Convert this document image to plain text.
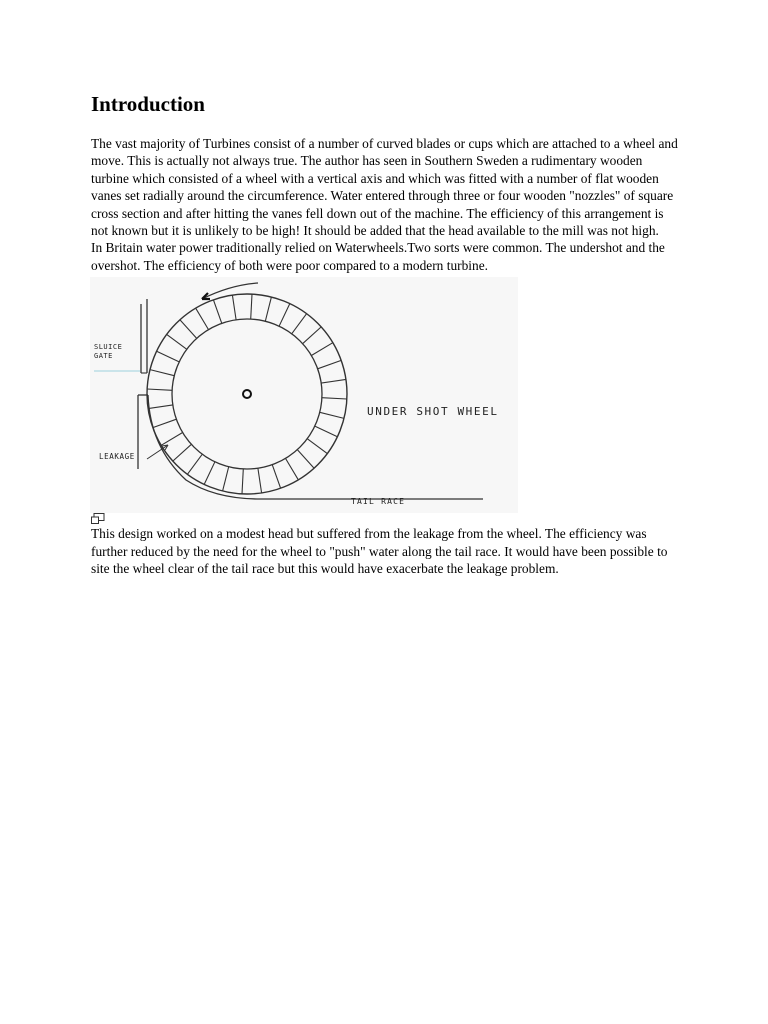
Introduction

The vast majority of Turbines consist of a number of curved blades or cups which are attached to a wheel and move. This is actually not always true. The author has seen in Southern Sweden a rudimentary wooden turbine which consisted of a wheel with a vertical axis and which was fitted with a number of flat wooden vanes set radially around the circumference. Water entered through three or four wooden "nozzles" of square cross section and after hitting the vanes fell down out of the machine. The efficiency of this arrangement is not known but it is unlikely to be high! It should be added that the head available to the mill was not high.

In Britain water power traditionally relied on Waterwheels.Two sorts were common. The undershot and the overshot. The efficiency of both were poor compared to a modern turbine.

SLUICE
GATE
LEAKAGE
UNDER SHOT WHEEL
TAIL RACE

This design worked on a modest head but suffered from the leakage from the wheel. The efficiency was further reduced by the need for the wheel to "push" water along the tail race. It would have been possible to site the wheel clear of the tail race but this would have exacerbate the leakage problem.
